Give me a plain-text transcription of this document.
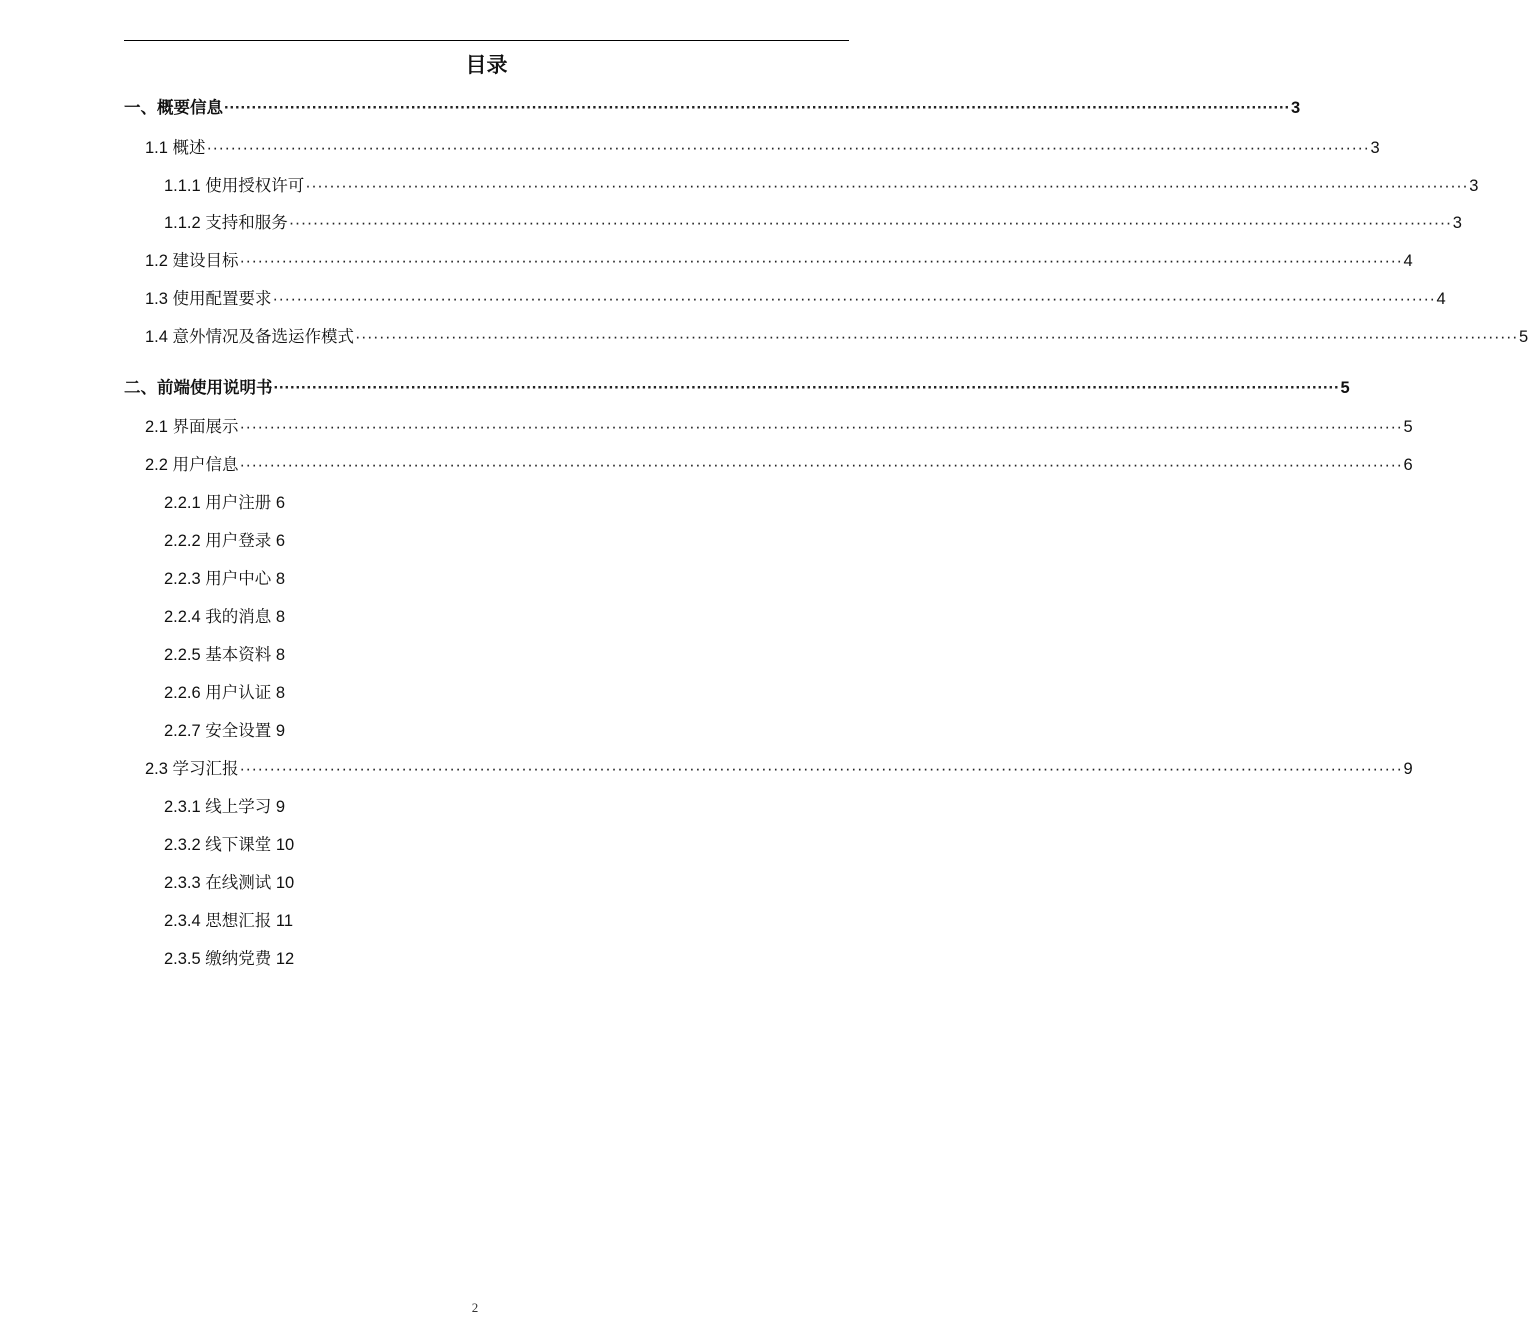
目录
一、概要信息 ·································································································································································································· 3
1.1 概述 ·································································································································································································· 3
1.1.1 使用授权许可 ·································································································································································································· 3
1.1.2 支持和服务 ·································································································································································································· 3
1.2 建设目标 ·································································································································································································· 4
1.3 使用配置要求 ·································································································································································································· 4
1.4 意外情况及备选运作模式 ·································································································································································································· 5
二、前端使用说明书 ·································································································································································································· 5
2.1 界面展示 ·································································································································································································· 5
2.2 用户信息 ·································································································································································································· 6
2.2.1 用户注册 6
2.2.2 用户登录 6
2.2.3 用户中心 8
2.2.4 我的消息 8
2.2.5 基本资料 8
2.2.6 用户认证 8
2.2.7 安全设置 9
2.3 学习汇报 ·································································································································································································· 9
2.3.1 线上学习 9
2.3.2 线下课堂 10
2.3.3 在线测试 10
2.3.4 思想汇报 11
2.3.5 缴纳党费 12
2
